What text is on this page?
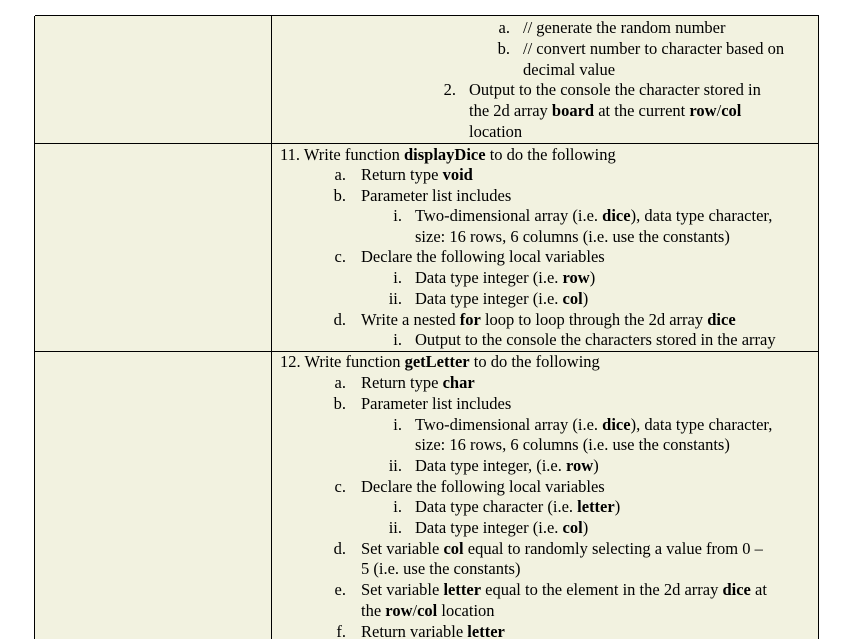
a. // generate the random number
b. // convert number to character based on
decimal value
2. Output to the console the character stored in
the 2d array board at the current row/col
location
11. Write function displayDice to do the following
a. Return type void
b. Parameter list includes
i. Two-dimensional array (i.e. dice), data type character,
size: 16 rows, 6 columns (i.e. use the constants)
c. Declare the following local variables
i. Data type integer (i.e. row)
ii. Data type integer (i.e. col)
d. Write a nested for loop to loop through the 2d array dice
i. Output to the console the characters stored in the array
12. Write function getLetter to do the following
a. Return type char
b. Parameter list includes
i. Two-dimensional array (i.e. dice), data type character,
size: 16 rows, 6 columns (i.e. use the constants)
ii. Data type integer, (i.e. row)
c. Declare the following local variables
i. Data type character (i.e. letter)
ii. Data type integer (i.e. col)
d. Set variable col equal to randomly selecting a value from 0 –
5 (i.e. use the constants)
e. Set variable letter equal to the element in the 2d array dice at
the row/col location
f. Return variable letter
